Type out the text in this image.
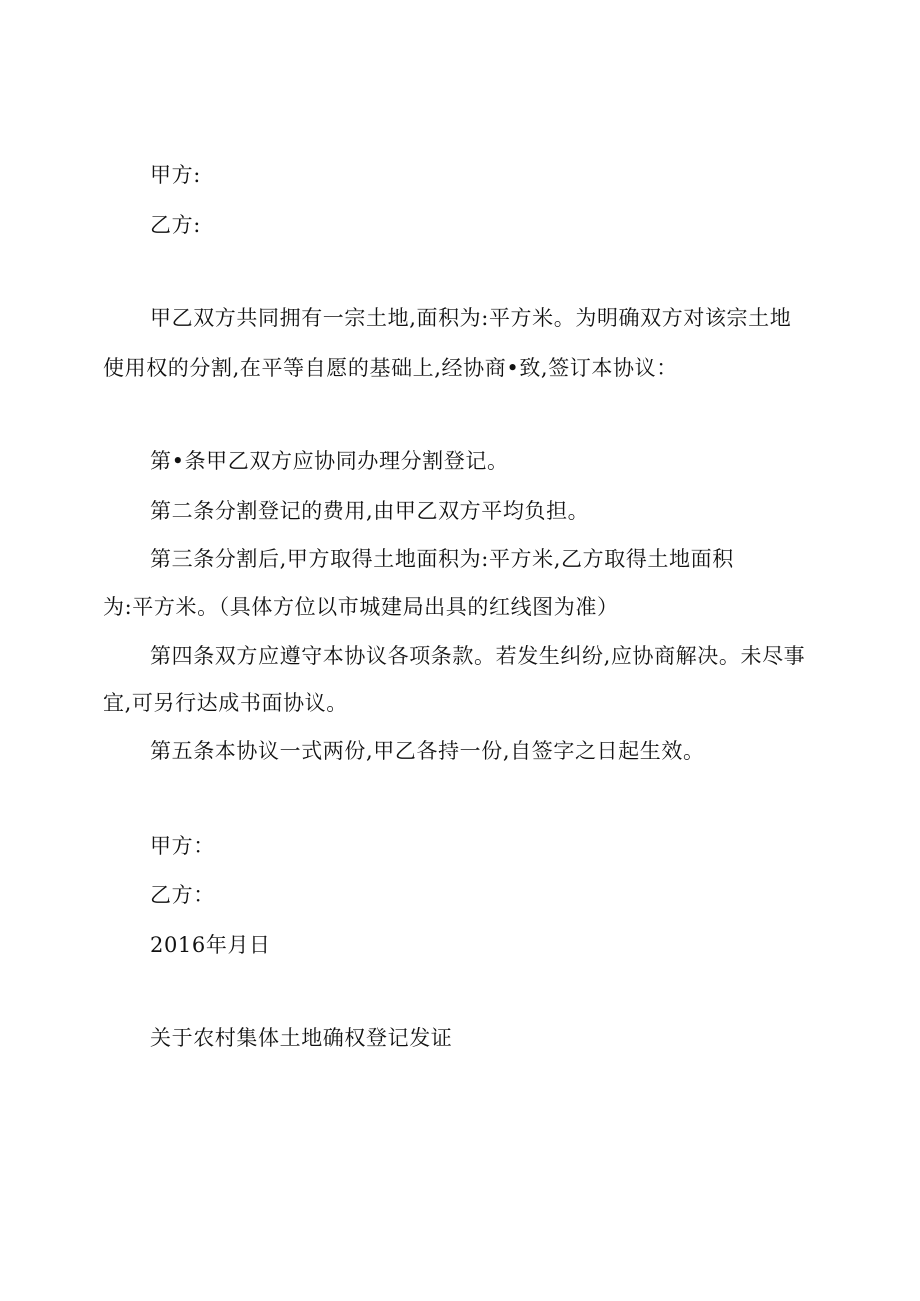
甲方:
乙方:
甲乙双方共同拥有一宗土地,面积为:平方米。为明确双方对该宗土地
使用权的分割,在平等自愿的基础上,经协商•致,签订本协议：
第•条甲乙双方应协同办理分割登记。
第二条分割登记的费用,由甲乙双方平均负担。
第三条分割后,甲方取得土地面积为:平方米,乙方取得土地面积
为:平方米。（具体方位以市城建局出具的红线图为准）
第四条双方应遵守本协议各项条款。若发生纠纷,应协商解决。未尽事
宜,可另行达成书面协议。
第五条本协议一式两份,甲乙各持一份,自签字之日起生效。
甲方：
乙方：
2016年月日
关于农村集体土地确权登记发证
